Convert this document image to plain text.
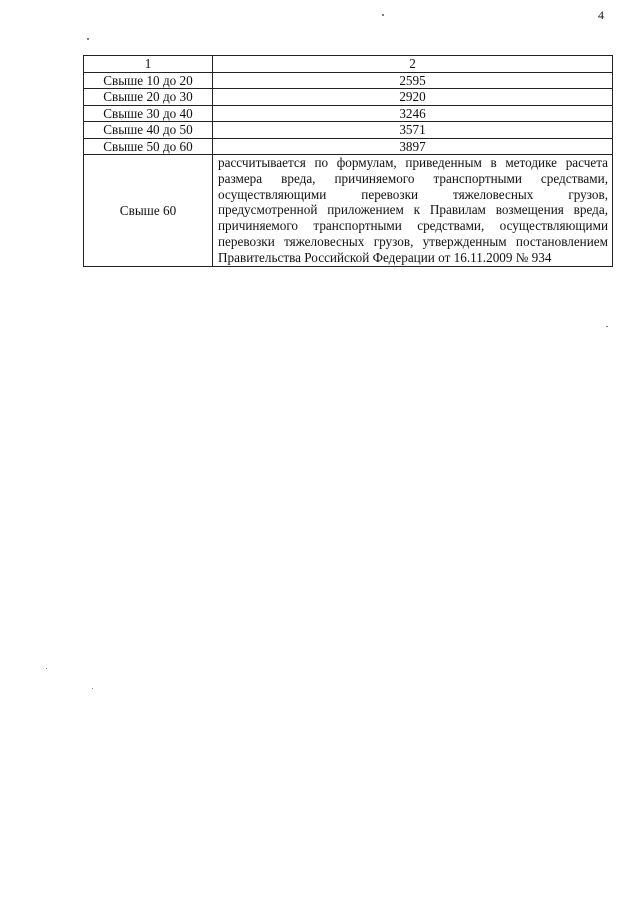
4
1	2
Свыше 10 до 20	2595
Свыше 20 до 30	2920
Свыше 30 до 40	3246
Свыше 40 до 50	3571
Свыше 50 до 60	3897
Свыше 60	рассчитывается по формулам, приведенным в методике расчета размера вреда, причиняемого транспортными средствами, осуществляющими перевозки тяжеловесных грузов, предусмотренной приложением к Правилам возмещения вреда, причиняемого транспортными средствами, осуществляющими перевозки тяжеловесных грузов, утвержденным постановлением Правительства Российской Федерации от 16.11.2009 № 934
